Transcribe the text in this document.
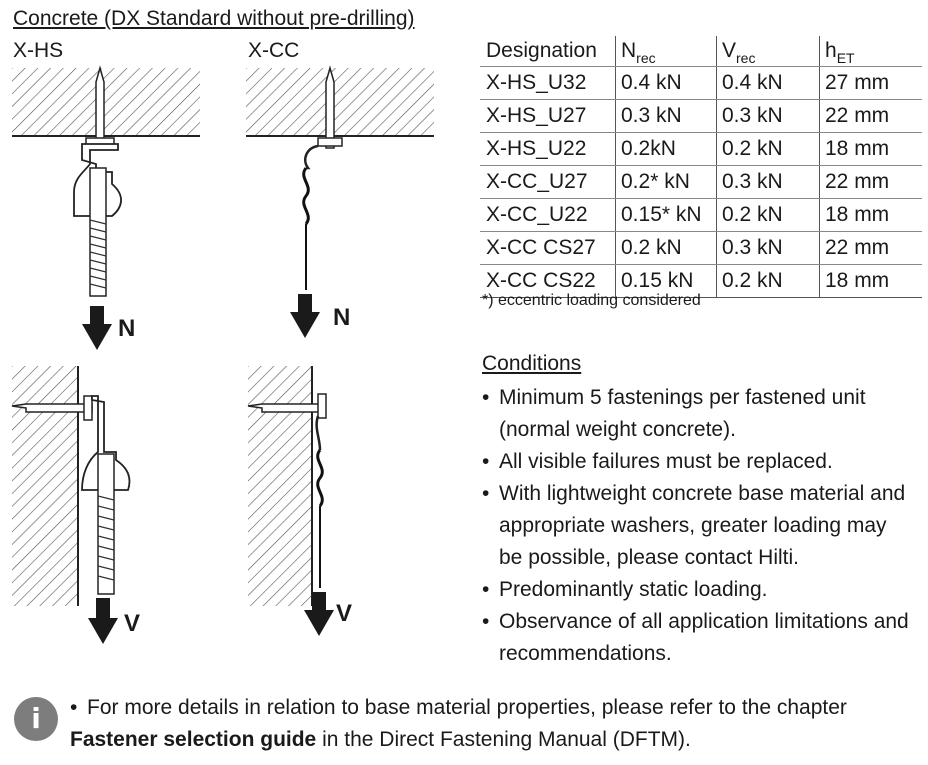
Concrete (DX Standard without pre-drilling)
X-HS	X-CC
N	N
V	V
Designation	$N_{rec}$	$V_{rec}$	$h_{ET}$
X-HS_U32	0.4 kN	0.4 kN	27 mm
X-HS_U27	0.3 kN	0.3 kN	22 mm
X-HS_U22	0.2kN	0.2 kN	18 mm
X-CC_U27	0.2* kN	0.3 kN	22 mm
X-CC_U22	0.15* kN	0.2 kN	18 mm
X-CC CS27	0.2 kN	0.3 kN	22 mm
X-CC CS22	0.15 kN	0.2 kN	18 mm
*) eccentric loading considered
Conditions
• Minimum 5 fastenings per fastened unit (normal weight concrete).
• All visible failures must be replaced.
• With lightweight concrete base material and appropriate washers, greater loading may be possible, please contact Hilti.
• Predominantly static loading.
• Observance of all application limitations and recommendations.
i	• For more details in relation to base material properties, please refer to the chapter Fastener selection guide in the Direct Fastening Manual (DFTM).
